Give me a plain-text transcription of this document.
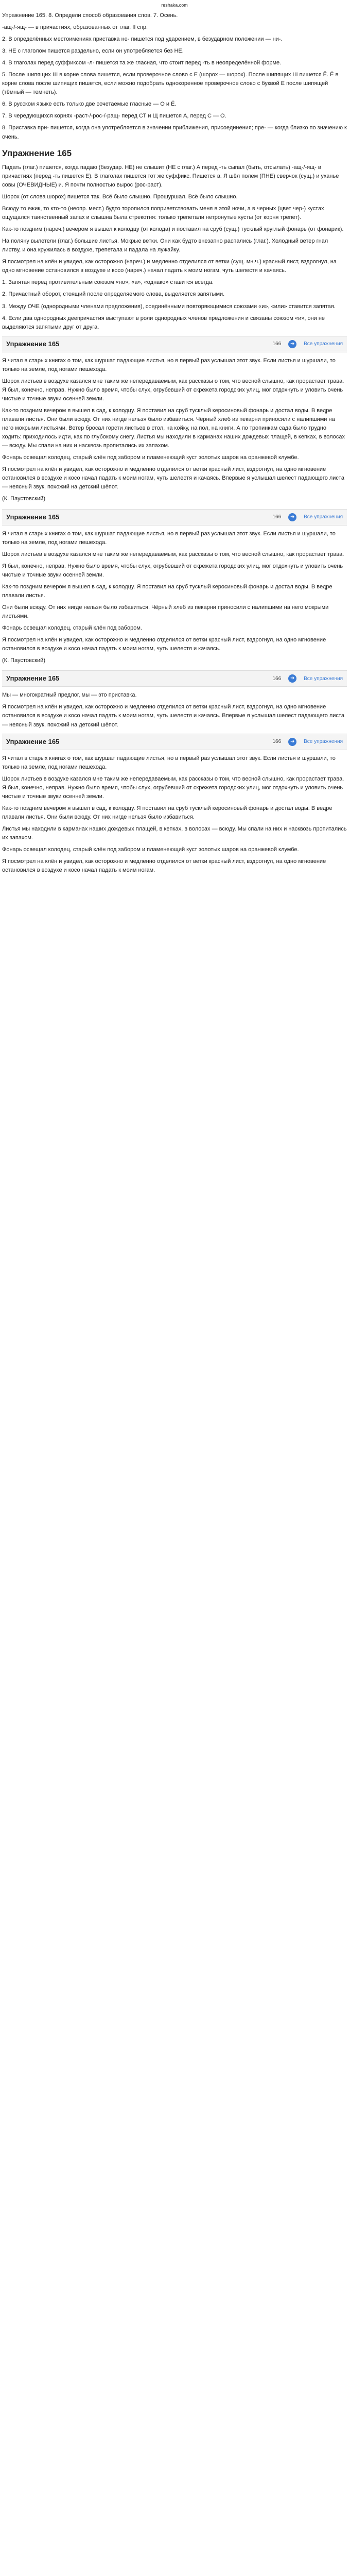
reshaka.com
Упражнение 165. 8. Определи способ образования слов. 7. Осень.
-ащ-/-ящ- — в причастиях, образованных от глаг. II спр.
2. В определённых местоимениях приставка не- пишется под ударением, в безударном положении — ни-.
3. НЕ с глаголом пишется раздельно, если он употребляется без НЕ.
4. В глаголах перед суффиксом -л- пишется та же гласная, что стоит перед -ть в неопределённой форме.
5. После шипящих Ш в корне слова пишется, если проверочное слово с Е (шорох — шорох). После шипящих Ш пишется Ё. Ё в корне слова после шипящих пишется, если можно подобрать однокоренное проверочное слово с буквой Е после шипящей (тёмный — темнеть).
6. В русском языке есть только две сочетаемые гласные — О и Ё.
7. В чередующихся корнях -раст-/-рос-/-ращ- перед СТ и Щ пишется А, перед С — О.
8. Приставка при- пишется, когда она употребляется в значении приближения, присоединения; пре- — когда близко по значению к очень.
Упражнение 165
Падать (глаг.) пишется, когда падаю (безудар. НЕ) не слышит (НЕ с глаг.) А перед -ть сыпал (быть, отсылать) -ащ-/-ящ- в причастиях (перед -ть пишется Е). В глаголах пишется тот же суффикс. Пишется в. Я шёл полем (ПНЕ) сверчок (сущ.) и уханье совы (ОЧЕВИДНЫЕ) и. Я почти полностью вырос (рос-раст).
Шорох (от слова шорох) пишется так. Всё было слышно. Прошуршал. Всё было слышно.
Всюду то ежик, то кто-то (неопр. мест.) будто торопился поприветствовать меня в этой ночи, а в черных (цвет чер-) кустах ощущался таинственный запах и слышна была стрекотня: только трепетали нетронутые кусты (от корня трепет).
Как-то поздним (нареч.) вечером я вышел к колодцу (от колода) и поставил на сруб (сущ.) тусклый круглый фонарь (от фонарик).
На поляну вылетели (глаг.) большие листья. Мокрые ветки. Они как будто внезапно распались (глаг.). Холодный ветер гнал листву, и она кружилась в воздухе, трепетала и падала на лужайку.
Я посмотрел на клён и увидел, как осторожно (нареч.) и медленно отделился от ветки (сущ. мн.ч.) красный лист, вздрогнул, на одно мгновение остановился в воздухе и косо (нареч.) начал падать к моим ногам, чуть шелестя и качаясь.
1. Запятая перед противительным союзом «но», «а», «однако» ставится всегда.
2. Причастный оборот, стоящий после определяемого слова, выделяется запятыми.
3. Между ОЧЕ (однородными членами предложения), соединёнными повторяющимися союзами «и», «или» ставится запятая.
4. Если два однородных деепричастия выступают в роли однородных членов предложения и связаны союзом «и», они не выделяются запятыми друг от друга.
Упражнение 165	166	➜	Все упражнения
Я читал в старых книгах о том, как шуршат падающие листья, но в первый раз услышал этот звук. Если листья и шуршали, то только на земле, под ногами пешехода.
Шорох листьев в воздухе казался мне таким же непередаваемым, как рассказы о том, что весной слышно, как прорастает трава. Я был, конечно, неправ. Нужно было время, чтобы слух, огрубевший от скрежета городских улиц, мог отдохнуть и уловить очень чистые и точные звуки осенней земли.
Как-то поздним вечером я вышел в сад, к колодцу. Я поставил на сруб тусклый керосиновый фонарь и достал воды. В ведре плавали листья. Они были всюду. От них нигде нельзя было избавиться. Чёрный хлеб из пекарни приносили с налипшими на него мокрыми листьями. Ветер бросал горсти листьев в стол, на койку, на пол, на книги. А по тропинкам сада было трудно ходить: приходилось идти, как по глубокому снегу. Листья мы находили в карманах наших дождевых плащей, в кепках, в волосах — всюду. Мы спали на них и насквозь пропитались их запахом.
Фонарь освещал колодец, старый клён под забором и пламенеющий куст золотых шаров на оранжевой клумбе.
Я посмотрел на клён и увидел, как осторожно и медленно отделился от ветки красный лист, вздрогнул, на одно мгновение остановился в воздухе и косо начал падать к моим ногам, чуть шелестя и качаясь. Впервые я услышал шелест падающего листа — неясный звук, похожий на детский шёпот.
(К. Паустовский)
Упражнение 165	166	➜	Все упражнения
Я читал в старых книгах о том, как шуршат падающие листья, но в первый раз услышал этот звук. Если листья и шуршали, то только на земле, под ногами пешехода.
Шорох листьев в воздухе казался мне таким же непередаваемым, как рассказы о том, что весной слышно, как прорастает трава.
Я был, конечно, неправ. Нужно было время, чтобы слух, огрубевший от скрежета городских улиц, мог отдохнуть и уловить очень чистые и точные звуки осенней земли.
Как-то поздним вечером я вышел в сад, к колодцу. Я поставил на сруб тусклый керосиновый фонарь и достал воды. В ведре плавали листья.
Они были всюду. От них нигде нельзя было избавиться. Чёрный хлеб из пекарни приносили с налипшими на него мокрыми листьями.
Фонарь освещал колодец, старый клён под забором.
Я посмотрел на клён и увидел, как осторожно и медленно отделился от ветки красный лист, вздрогнул, на одно мгновение остановился в воздухе и косо начал падать к моим ногам, чуть шелестя и качаясь.
(К. Паустовский)
Упражнение 165	166	➜	Все упражнения
Мы — многократный предлог, мы — это приставка.
Я посмотрел на клён и увидел, как осторожно и медленно отделился от ветки красный лист, вздрогнул, на одно мгновение остановился в воздухе и косо начал падать к моим ногам, чуть шелестя и качаясь. Впервые я услышал шелест падающего листа — неясный звук, похожий на детский шёпот.
Упражнение 165	166	➜	Все упражнения
Я читал в старых книгах о том, как шуршат падающие листья, но в первый раз услышал этот звук. Если листья и шуршали, то только на земле, под ногами пешехода.
Шорох листьев в воздухе казался мне таким же непередаваемым, как рассказы о том, что весной слышно, как прорастает трава. Я был, конечно, неправ. Нужно было время, чтобы слух, огрубевший от скрежета городских улиц, мог отдохнуть и уловить очень чистые и точные звуки осенней земли.
Как-то поздним вечером я вышел в сад, к колодцу. Я поставил на сруб тусклый керосиновый фонарь и достал воды. В ведре плавали листья. Они были всюду. От них нигде нельзя было избавиться.
Листья мы находили в карманах наших дождевых плащей, в кепках, в волосах — всюду. Мы спали на них и насквозь пропитались их запахом.
Фонарь освещал колодец, старый клён под забором и пламенеющий куст золотых шаров на оранжевой клумбе.
Я посмотрел на клён и увидел, как осторожно и медленно отделился от ветки красный лист, вздрогнул, на одно мгновение остановился в воздухе и косо начал падать к моим ногам.
